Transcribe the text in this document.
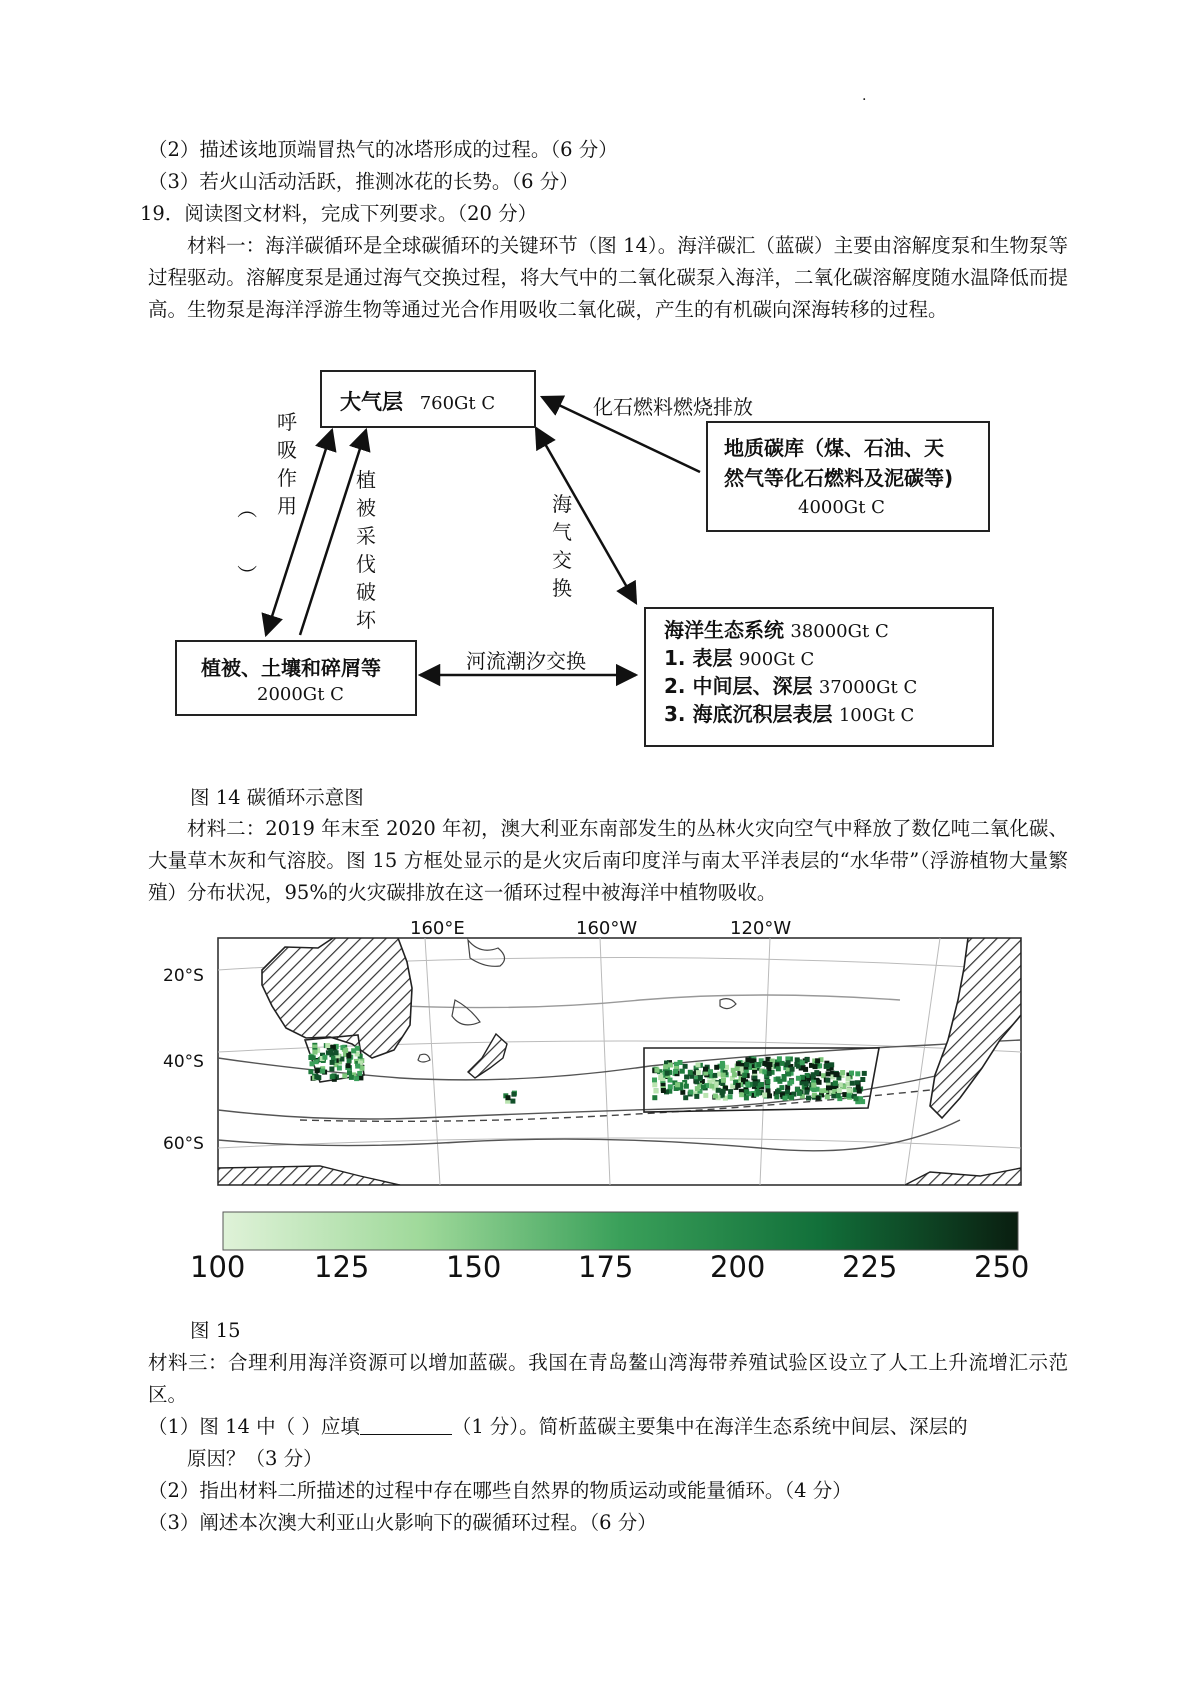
.
（2）描述该地顶端冒热气的冰塔形成的过程。（6 分）
（3）若火山活动活跃，推测冰花的长势。（6 分）
19．阅读图文材料，完成下列要求。（20 分）
材料一：海洋碳循环是全球碳循环的关键环节（图 14）。海洋碳汇（蓝碳）主要由溶解度泵和生物泵等过程驱动。溶解度泵是通过海气交换过程，将大气中的二氧化碳泵入海洋，二氧化碳溶解度随水温降低而提高。生物泵是海洋浮游生物等通过光合作用吸收二氧化碳，产生的有机碳向深海转移的过程。
大气层 760Gt C
地质碳库（煤、石油、天
然气等化石燃料及泥碳等)
4000Gt C
植被、土壤和碎屑等
2000Gt C
海洋生态系统 38000Gt C
1. 表层 900Gt C
2. 中间层、深层 37000Gt C
3. 海底沉积层表层 100Gt C
化石燃料燃烧排放
呼
吸
作
用
（
）
植
被
采
伐
破
坏
海
气
交
换
河流潮汐交换
图 14 碳循环示意图
材料二：2019 年末至 2020 年初，澳大利亚东南部发生的丛林火灾向空气中释放了数亿吨二氧化碳、大量草木灰和气溶胶。图 15 方框处显示的是火灾后南印度洋与南太平洋表层的“水华带”（浮游植物大量繁殖）分布状况，95%的火灾碳排放在这一循环过程中被海洋中植物吸收。
160°E	160°W	120°W
20°S
40°S
60°S
100 125	150	175	200	225	250
图 15
材料三：合理利用海洋资源可以增加蓝碳。我国在青岛鳌山湾海带养殖试验区设立了人工上升流增汇示范区。
（1）图 14 中（ ）应填	（1 分）。简析蓝碳主要集中在海洋生态系统中间层、深层的
原因？（3 分）
（2）指出材料二所描述的过程中存在哪些自然界的物质运动或能量循环。（4 分）
（3）阐述本次澳大利亚山火影响下的碳循环过程。（6 分）
